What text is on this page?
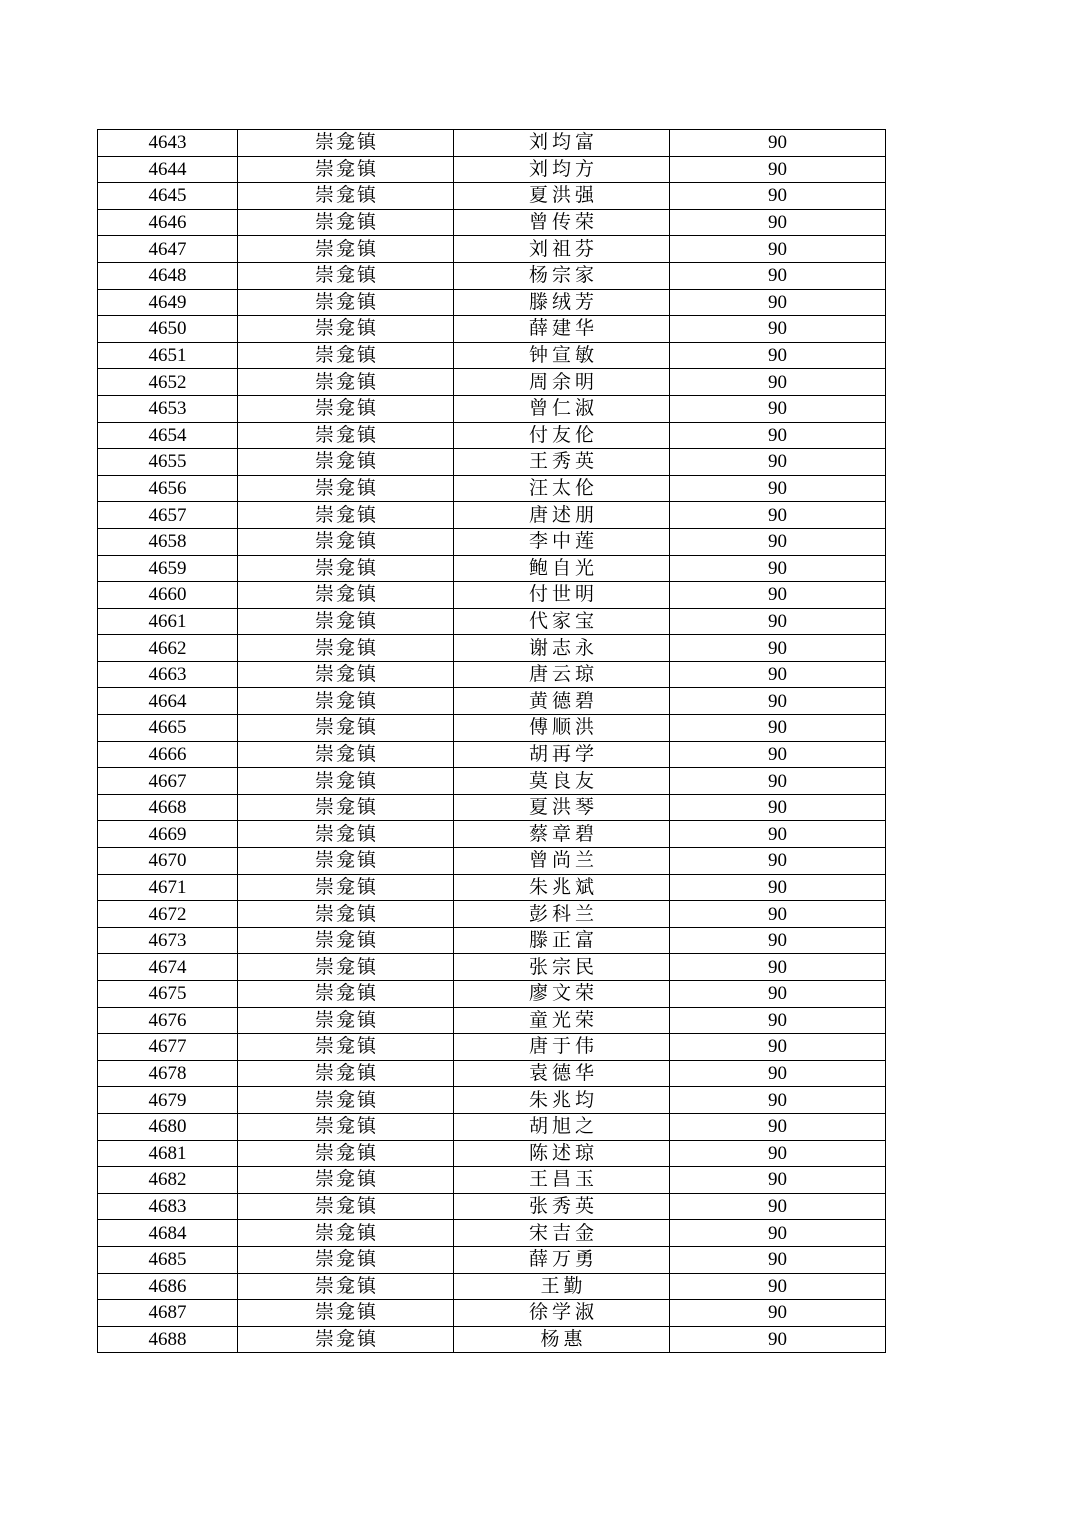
4643	崇龛镇	刘均富	90
4644	崇龛镇	刘均方	90
4645	崇龛镇	夏洪强	90
4646	崇龛镇	曾传荣	90
4647	崇龛镇	刘祖芬	90
4648	崇龛镇	杨宗家	90
4649	崇龛镇	滕绒芳	90
4650	崇龛镇	薛建华	90
4651	崇龛镇	钟宣敏	90
4652	崇龛镇	周余明	90
4653	崇龛镇	曾仁淑	90
4654	崇龛镇	付友伦	90
4655	崇龛镇	王秀英	90
4656	崇龛镇	汪太伦	90
4657	崇龛镇	唐述朋	90
4658	崇龛镇	李中莲	90
4659	崇龛镇	鲍自光	90
4660	崇龛镇	付世明	90
4661	崇龛镇	代家宝	90
4662	崇龛镇	谢志永	90
4663	崇龛镇	唐云琼	90
4664	崇龛镇	黄德碧	90
4665	崇龛镇	傅顺洪	90
4666	崇龛镇	胡再学	90
4667	崇龛镇	莫良友	90
4668	崇龛镇	夏洪琴	90
4669	崇龛镇	蔡章碧	90
4670	崇龛镇	曾尚兰	90
4671	崇龛镇	朱兆斌	90
4672	崇龛镇	彭科兰	90
4673	崇龛镇	滕正富	90
4674	崇龛镇	张宗民	90
4675	崇龛镇	廖文荣	90
4676	崇龛镇	童光荣	90
4677	崇龛镇	唐于伟	90
4678	崇龛镇	袁德华	90
4679	崇龛镇	朱兆均	90
4680	崇龛镇	胡旭之	90
4681	崇龛镇	陈述琼	90
4682	崇龛镇	王昌玉	90
4683	崇龛镇	张秀英	90
4684	崇龛镇	宋吉金	90
4685	崇龛镇	薛万勇	90
4686	崇龛镇	王勤	90
4687	崇龛镇	徐学淑	90
4688	崇龛镇	杨惠	90
